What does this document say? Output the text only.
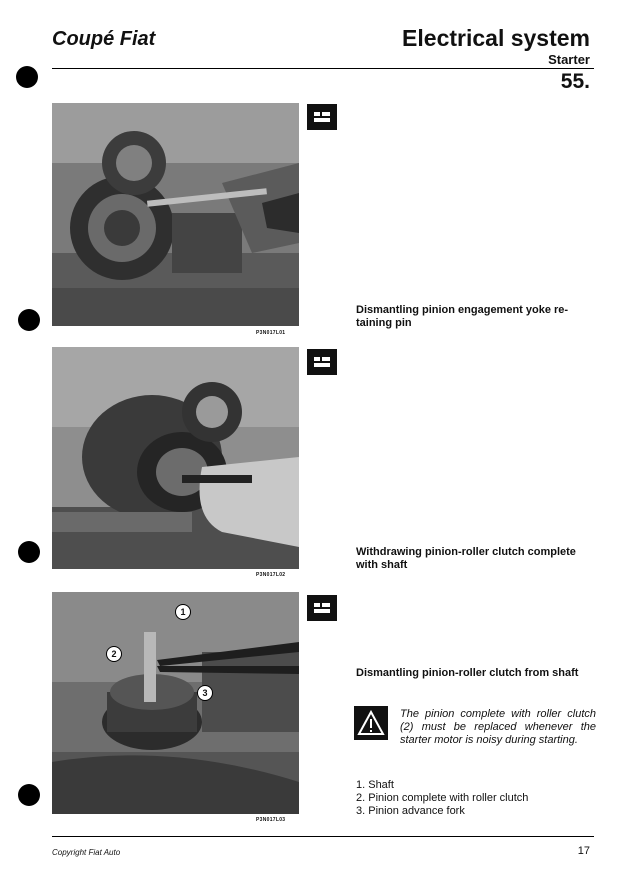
Coupé Fiat	Electrical system
Starter
55.
P3N017L01
Dismantling pinion engagement yoke re-taining pin
P3N017L02
Withdrawing pinion-roller clutch complete with shaft
1
2
3
P3N017L03
Dismantling pinion-roller clutch from shaft
The pinion complete with roller clutch (2) must be replaced whenever the starter motor is noisy during starting.
1. Shaft
2. Pinion complete with roller clutch
3. Pinion advance fork
Copyright Fiat Auto	17
